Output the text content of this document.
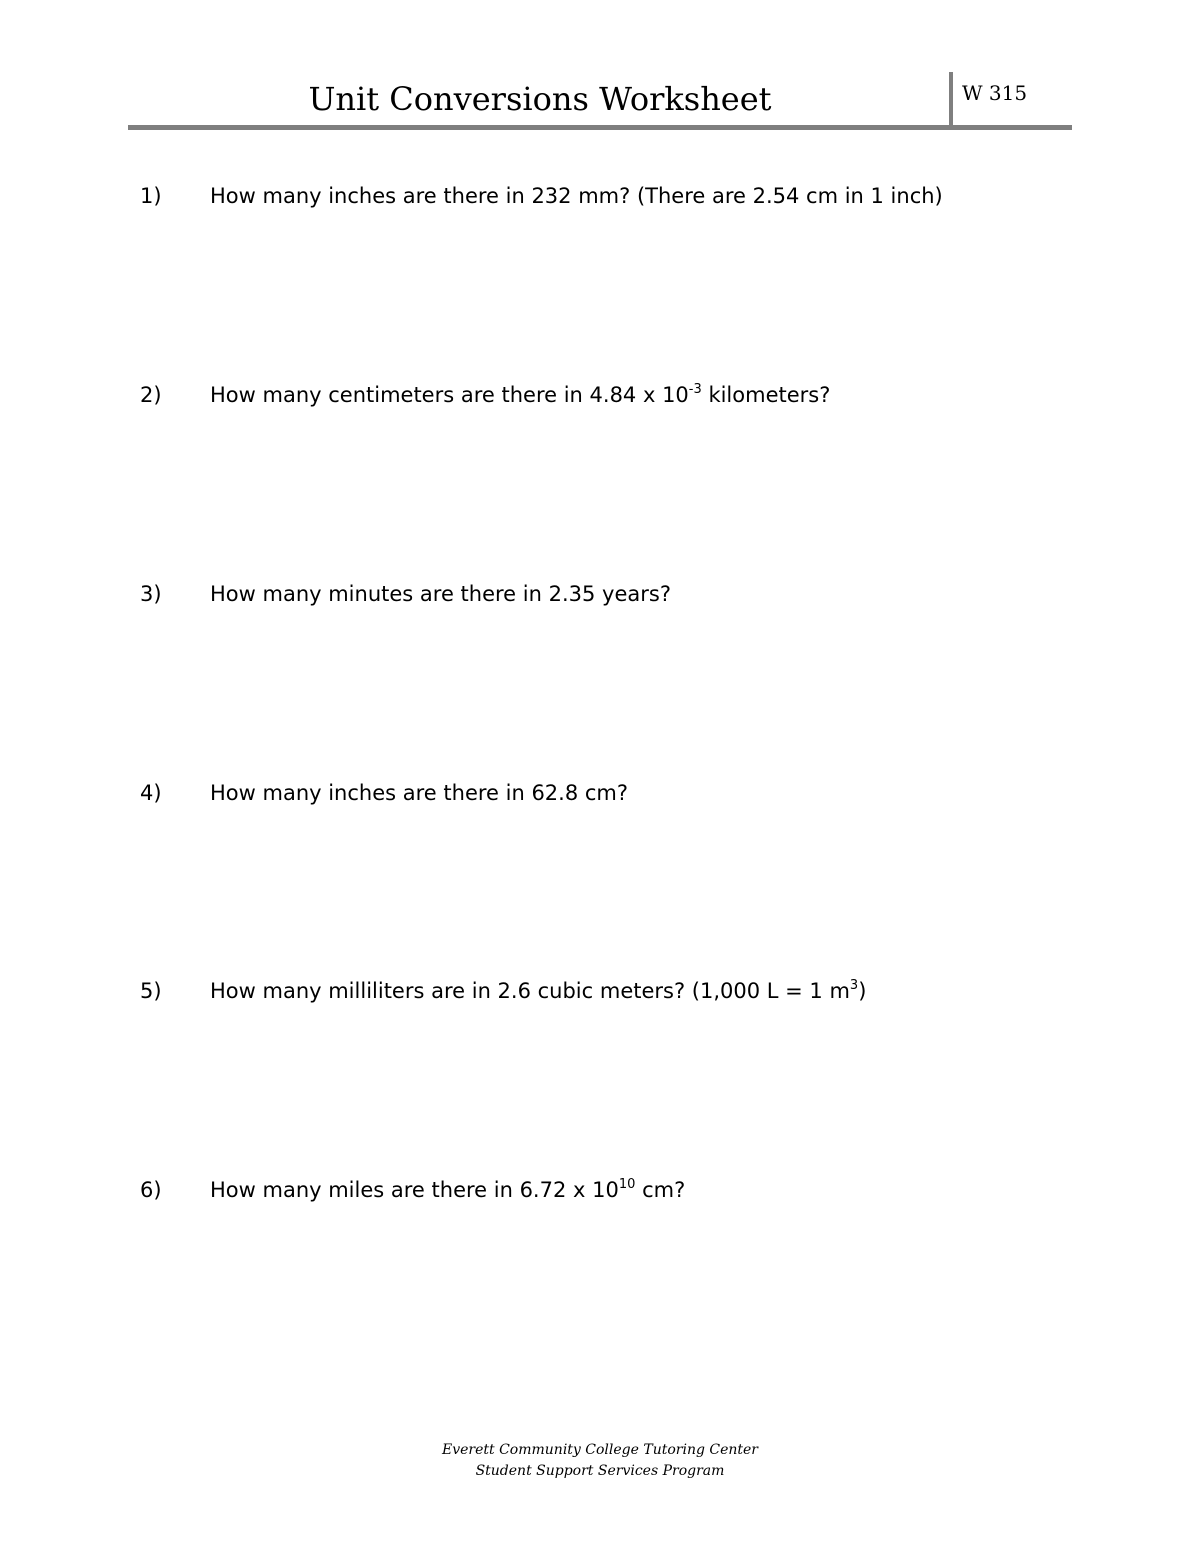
Unit Conversions Worksheet	W 315
1) How many inches are there in 232 mm? (There are 2.54 cm in 1 inch)
2) How many centimeters are there in 4.84 x $10^{-3}$ kilometers?
3) How many minutes are there in 2.35 years?
4) How many inches are there in 62.8 cm?
5) How many milliliters are in 2.6 cubic meters? (1,000 L = 1 $m^3$)
6) How many miles are there in 6.72 x $10^{10}$ cm?
Everett Community College Tutoring Center
Student Support Services Program
